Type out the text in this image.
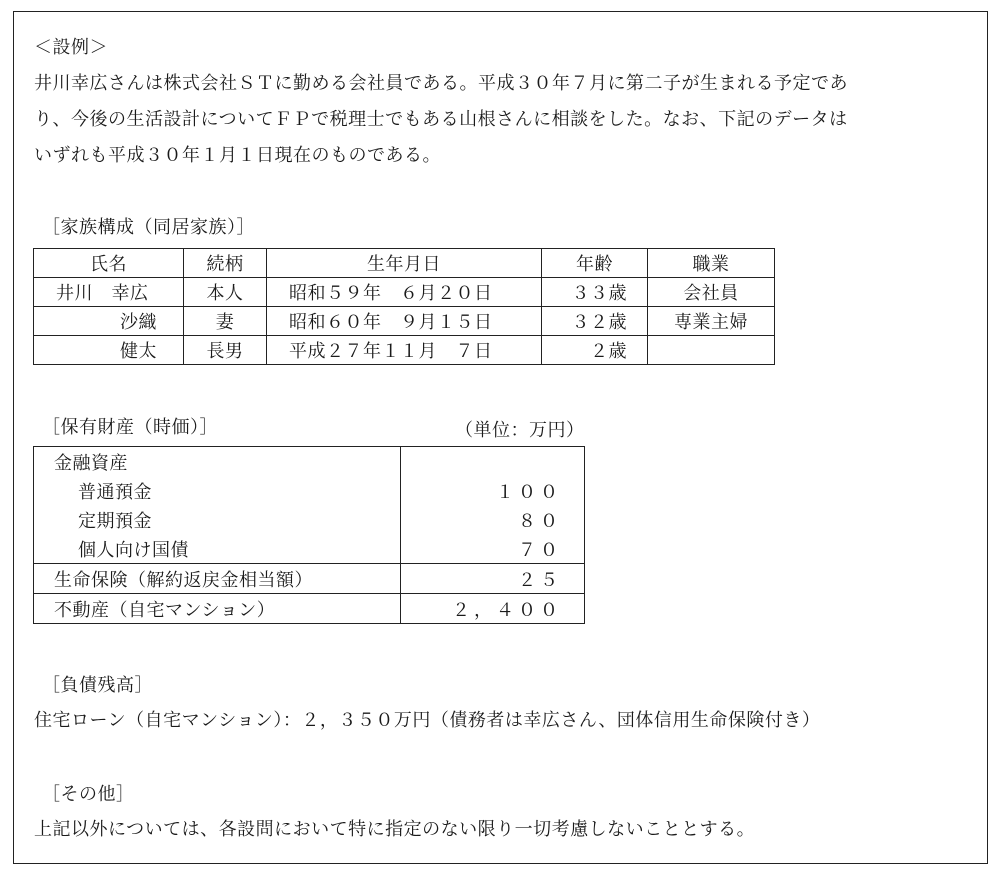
＜設例＞
井川幸広さんは株式会社ＳＴに勤める会社員である。平成３０年７月に第二子が生まれる予定であ
り、今後の生活設計についてＦＰで税理士でもある山根さんに相談をした。なお、下記のデータは
いずれも平成３０年１月１日現在のものである。
［家族構成（同居家族）］
氏名	続柄	生年月日	年齢	職業
井川　幸広	本人	昭和５９年　６月２０日	３３歳	会社員
沙織	妻	昭和６０年　９月１５日	３２歳	専業主婦
健太	長男	平成２７年１１月　７日	２歳	
［保有財産（時価）］	（単位：万円）
金融資産	
普通預金	１００
定期預金	８０
個人向け国債	７０
生命保険（解約返戻金相当額）	２５
不動産（自宅マンション）	２，４００
［負債残高］
住宅ローン（自宅マンション）：２，３５０万円（債務者は幸広さん、団体信用生命保険付き）
［その他］
上記以外については、各設問において特に指定のない限り一切考慮しないこととする。
